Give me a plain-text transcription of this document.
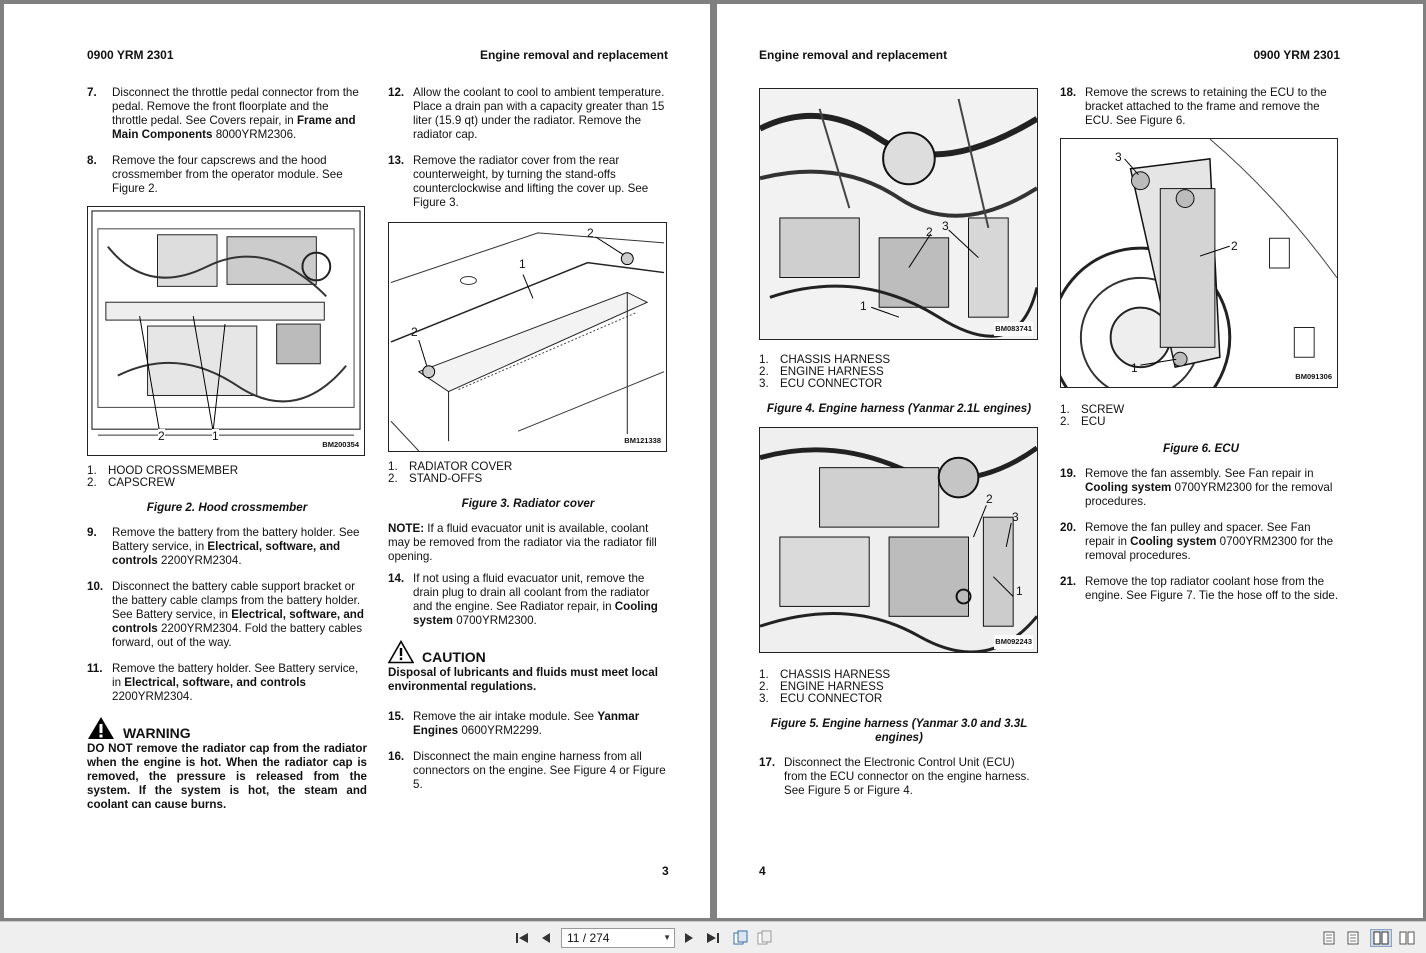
0900 YRM 2301	Engine removal and replacement
7.	Disconnect the throttle pedal connector from the pedal. Remove the front floorplate and the throttle pedal. See Covers repair, in Frame and Main Components 8000YRM2306.
8.	Remove the four capscrews and the hood crossmember from the operator module. See Figure 2.
2	1
BM200354
1. HOOD CROSSMEMBER
2. CAPSCREW
Figure 2. Hood crossmember
9.	Remove the battery from the battery holder. See Battery service, in Electrical, software, and controls 2200YRM2304.
10. Disconnect the battery cable support bracket or the battery cable clamps from the battery holder. See Battery service, in Electrical, software, and controls 2200YRM2304. Fold the battery cables forward, out of the way.
11. Remove the battery holder. See Battery service, in Electrical, software, and controls 2200YRM2304.
WARNING
DO NOT remove the radiator cap from the radiator when the engine is hot. When the radiator cap is removed, the pressure is released from the system. If the system is hot, the steam and coolant can cause burns.
12. Allow the coolant to cool to ambient temperature. Place a drain pan with a capacity greater than 15 liter (15.9 qt) under the radiator. Remove the radiator cap.
13. Remove the radiator cover from the rear counterweight, by turning the stand-offs counterclockwise and lifting the cover up. See Figure 3.
2
1
2
BM121338
1. RADIATOR COVER
2. STAND-OFFS
Figure 3. Radiator cover
NOTE: If a fluid evacuator unit is available, coolant may be removed from the radiator via the radiator fill opening.
14. If not using a fluid evacuator unit, remove the drain plug to drain all coolant from the radiator and the engine. See Radiator repair, in Cooling system 0700YRM2300.
CAUTION
Disposal of lubricants and fluids must meet local environmental regulations.
15. Remove the air intake module. See Yanmar Engines 0600YRM2299.
16. Disconnect the main engine harness from all connectors on the engine. See Figure 4 or Figure 5.
3
Engine removal and replacement	0900 YRM 2301
2 3
1
BM083741
1. CHASSIS HARNESS
2. ENGINE HARNESS
3. ECU CONNECTOR
Figure 4. Engine harness (Yanmar 2.1L engines)
2
3
1
BM092243
1. CHASSIS HARNESS
2. ENGINE HARNESS
3. ECU CONNECTOR
Figure 5. Engine harness (Yanmar 3.0 and 3.3L engines)
17. Disconnect the Electronic Control Unit (ECU) from the ECU connector on the engine harness. See Figure 5 or Figure 4.
18. Remove the screws to retaining the ECU to the bracket attached to the frame and remove the ECU. See Figure 6.
3
2
1
BM091306
1. SCREW
2. ECU
Figure 6. ECU
19. Remove the fan assembly. See Fan repair in Cooling system 0700YRM2300 for the removal procedures.
20. Remove the fan pulley and spacer. See Fan repair in Cooling system 0700YRM2300 for the removal procedures.
21. Remove the top radiator coolant hose from the engine. See Figure 7. Tie the hose off to the side.
4
11 / 274	▼
